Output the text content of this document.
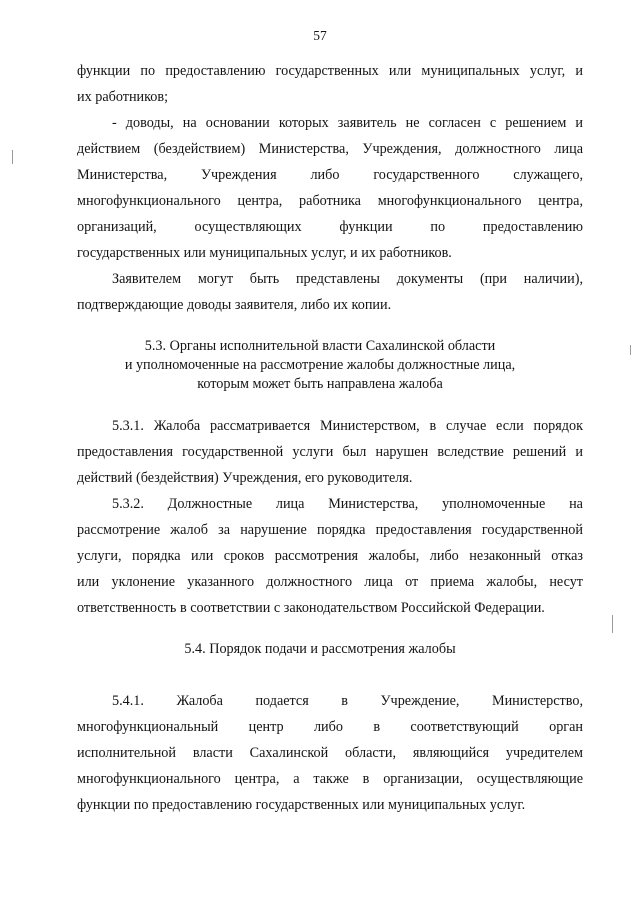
57
функции по предоставлению государственных или муниципальных услуг, и
их работников;
- доводы, на основании которых заявитель не согласен с решением и
действием (бездействием) Министерства, Учреждения, должностного лица
Министерства, Учреждения либо государственного служащего,
многофункционального центра, работника многофункционального центра,
организаций, осуществляющих функции по предоставлению
государственных или муниципальных услуг, и их работников.
Заявителем могут быть представлены документы (при наличии),
подтверждающие доводы заявителя, либо их копии.
5.3. Органы исполнительной власти Сахалинской области
и уполномоченные на рассмотрение жалобы должностные лица,
которым может быть направлена жалоба
5.3.1. Жалоба рассматривается Министерством, в случае если порядок
предоставления государственной услуги был нарушен вследствие решений и
действий (бездействия) Учреждения, его руководителя.
5.3.2. Должностные лица Министерства, уполномоченные на
рассмотрение жалоб за нарушение порядка предоставления государственной
услуги, порядка или сроков рассмотрения жалобы, либо незаконный отказ
или уклонение указанного должностного лица от приема жалобы, несут
ответственность в соответствии с законодательством Российской Федерации.
5.4. Порядок подачи и рассмотрения жалобы
5.4.1. Жалоба подается в Учреждение, Министерство,
многофункциональный центр либо в соответствующий орган
исполнительной власти Сахалинской области, являющийся учредителем
многофункционального центра, а также в организации, осуществляющие
функции по предоставлению государственных или муниципальных услуг.
